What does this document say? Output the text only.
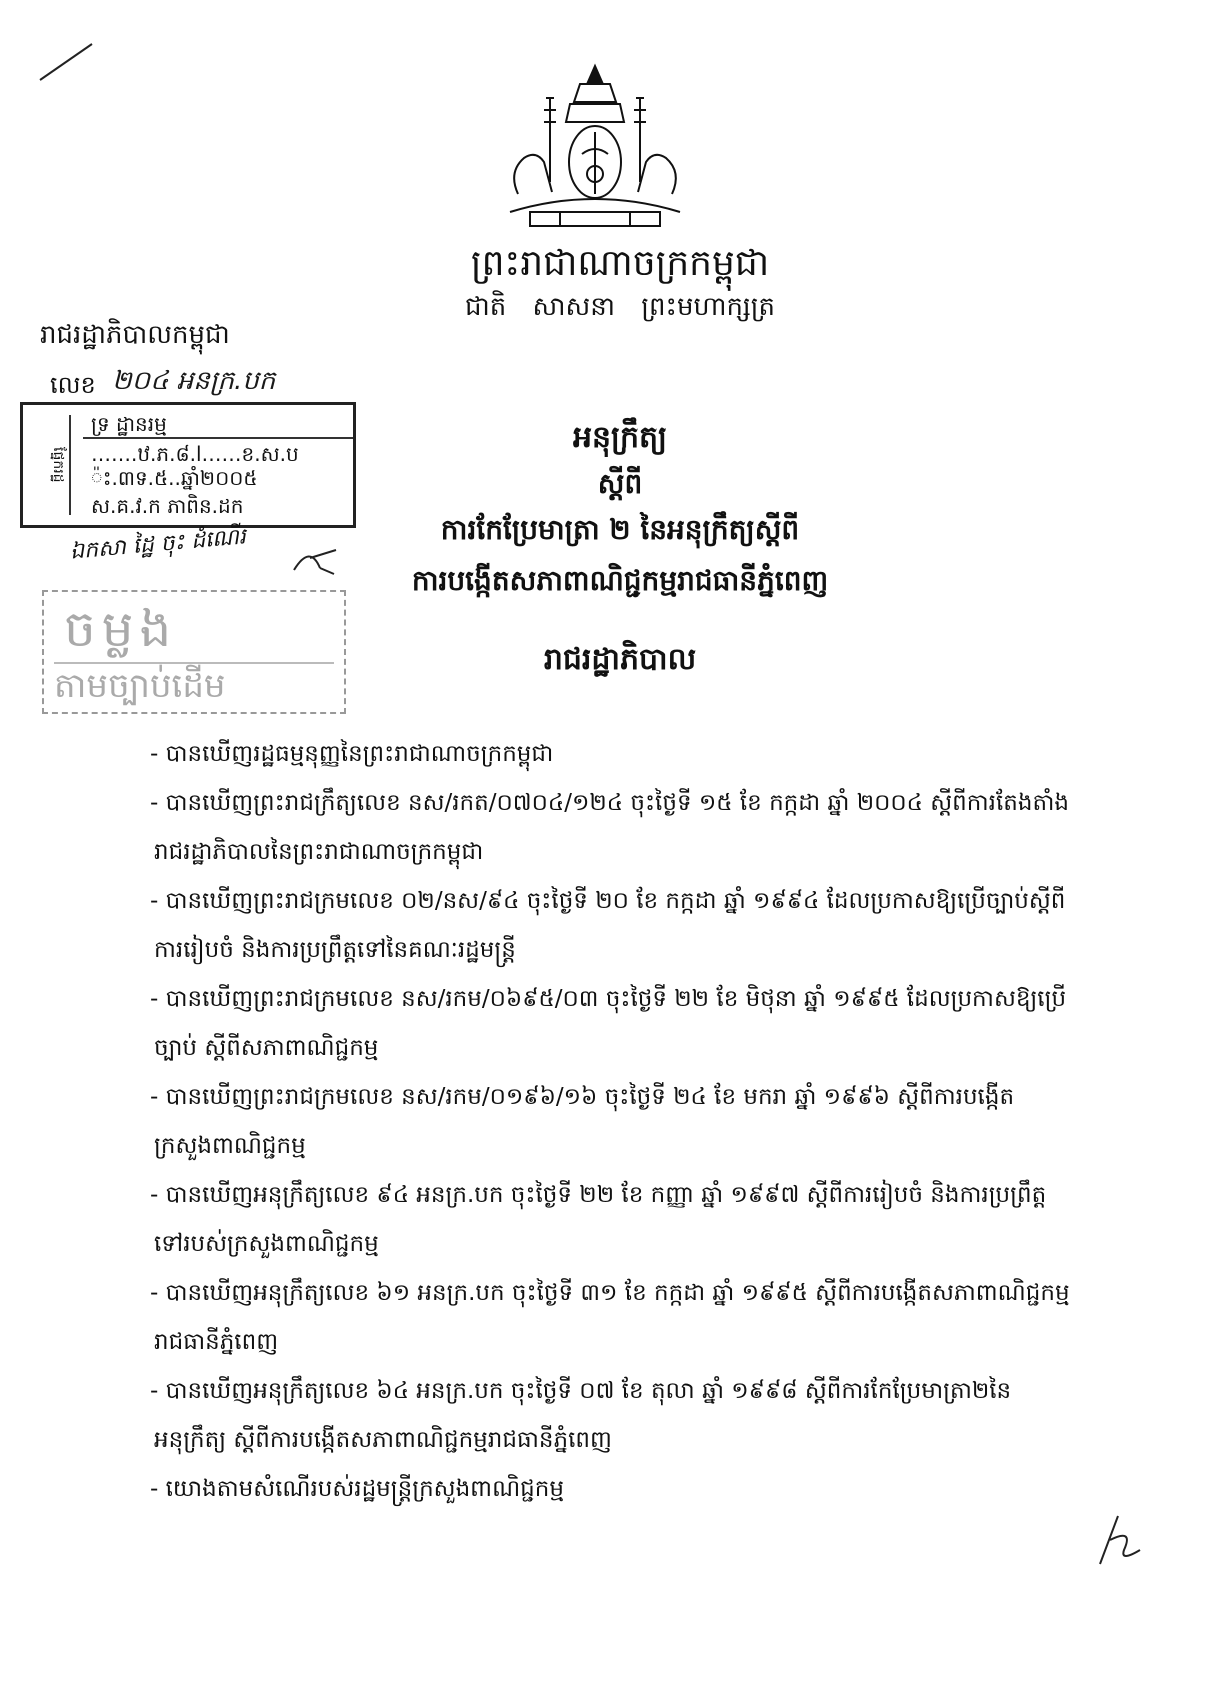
ព្រះរាជាណាចក្រកម្ពុជា
ជាតិ សាសនា ព្រះមហាក្សត្រ
រាជរដ្ឋាភិបាលកម្ពុជា
លេខ ២០៤ អនក្រ.បក
ផ្នែករដ្ឋ
ទ្រ ដ្ឋានរម្ម
…….ឋ.ភ.៨.l……ខ.ស.ប
៉ះ.៣ទ.៥..ឆ្នាំ២០០៥
ស.គ.វ.ក ភាពិន.ដក
ឯកសា ដ្ឋៃ ចុះ ដំណើរ
ចម្លង
តាមច្បាប់ដើម
អនុក្រឹត្យ
ស្តីពី
ការកែប្រែមាត្រា ២ នៃអនុក្រឹត្យស្តីពី
ការបង្កើតសភាពាណិជ្ជកម្មរាជធានីភ្នំពេញ
រាជរដ្ឋាភិបាល
- បានឃើញរដ្ឋធម្មនុញ្ញនៃព្រះរាជាណាចក្រកម្ពុជា
- បានឃើញព្រះរាជក្រឹត្យលេខ នស/រកត/០៧០៤/១២៤ ចុះថ្ងៃទី ១៥ ខែ កក្កដា ឆ្នាំ ២០០៤ ស្តីពីការតែងតាំង
រាជរដ្ឋាភិបាលនៃព្រះរាជាណាចក្រកម្ពុជា
- បានឃើញព្រះរាជក្រមលេខ ០២/នស/៩៤ ចុះថ្ងៃទី ២០ ខែ កក្កដា ឆ្នាំ ១៩៩៤ ដែលប្រកាសឱ្យប្រើច្បាប់ស្តីពី
ការរៀបចំ និងការប្រព្រឹត្តទៅនៃគណៈរដ្ឋមន្ត្រី
- បានឃើញព្រះរាជក្រមលេខ នស/រកម/០៦៩៥/០៣ ចុះថ្ងៃទី ២២ ខែ មិថុនា ឆ្នាំ ១៩៩៥ ដែលប្រកាសឱ្យប្រើ
ច្បាប់ ស្តីពីសភាពាណិជ្ជកម្ម
- បានឃើញព្រះរាជក្រមលេខ នស/រកម/០១៩៦/១៦ ចុះថ្ងៃទី ២៤ ខែ មករា ឆ្នាំ ១៩៩៦ ស្តីពីការបង្កើត
ក្រសួងពាណិជ្ជកម្ម
- បានឃើញអនុក្រឹត្យលេខ ៩៤ អនក្រ.បក ចុះថ្ងៃទី ២២ ខែ កញ្ញា ឆ្នាំ ១៩៩៧ ស្តីពីការរៀបចំ និងការប្រព្រឹត្ត
ទៅរបស់ក្រសួងពាណិជ្ជកម្ម
- បានឃើញអនុក្រឹត្យលេខ ៦១ អនក្រ.បក ចុះថ្ងៃទី ៣១ ខែ កក្កដា ឆ្នាំ ១៩៩៥ ស្តីពីការបង្កើតសភាពាណិជ្ជកម្ម
រាជធានីភ្នំពេញ
- បានឃើញអនុក្រឹត្យលេខ ៦៤ អនក្រ.បក ចុះថ្ងៃទី ០៧ ខែ តុលា ឆ្នាំ ១៩៩៨ ស្តីពីការកែប្រែមាត្រា២នៃ
អនុក្រឹត្យ ស្តីពីការបង្កើតសភាពាណិជ្ជកម្មរាជធានីភ្នំពេញ
- យោងតាមសំណើរបស់រដ្ឋមន្ត្រីក្រសួងពាណិជ្ជកម្ម
